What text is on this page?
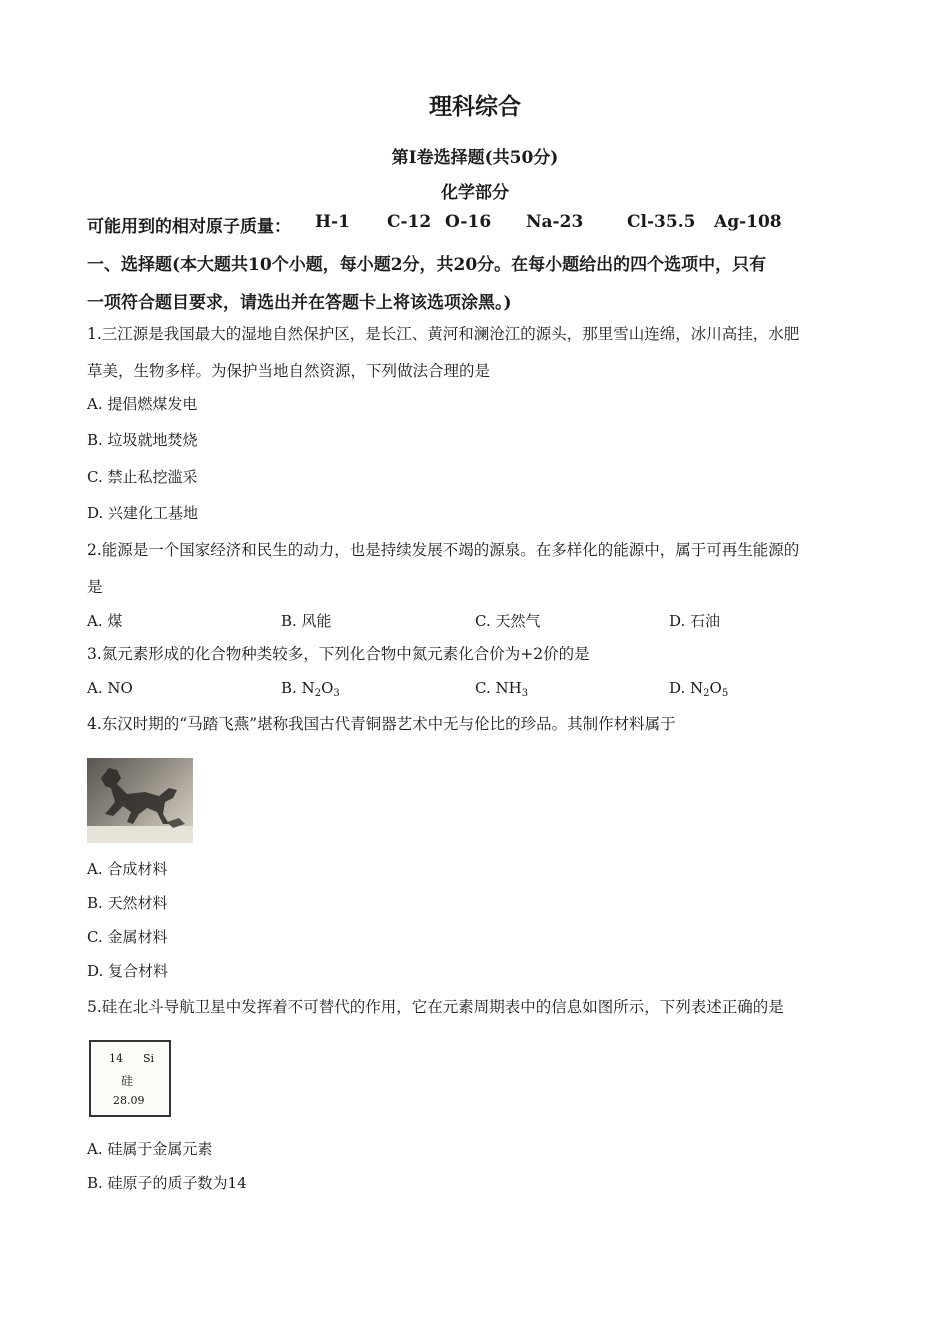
理科综合
第Ⅰ卷选择题(共50分)
化学部分
可能用到的相对原子质量： H-1 C-12 O-16 Na-23	Cl-35.5 Ag-108
一、选择题(本大题共10个小题，每小题2分，共20分。在每小题给出的四个选项中，只有
一项符合题目要求，请选出并在答题卡上将该选项涂黑。)
1.三江源是我国最大的湿地自然保护区，是长江、黄河和澜沧江的源头，那里雪山连绵，冰川高挂，水肥
草美，生物多样。为保护当地自然资源，下列做法合理的是
A. 提倡燃煤发电
B. 垃圾就地焚烧
C. 禁止私挖滥采
D. 兴建化工基地
2.能源是一个国家经济和民生的动力，也是持续发展不竭的源泉。在多样化的能源中，属于可再生能源的
是
A. 煤	B. 风能	C. 天然气	D. 石油
3.氮元素形成的化合物种类较多，下列化合物中氮元素化合价为+2价的是
A. NO	B. $N_2O_3$	C. $NH_3$	D. $N_2O_5$
4.东汉时期的“马踏飞燕”堪称我国古代青铜器艺术中无与伦比的珍品。其制作材料属于
A. 合成材料
B. 天然材料
C. 金属材料
D. 复合材料
5.硅在北斗导航卫星中发挥着不可替代的作用，它在元素周期表中的信息如图所示，下列表述正确的是
14 Si
硅
28.09
A. 硅属于金属元素
B. 硅原子的质子数为14
